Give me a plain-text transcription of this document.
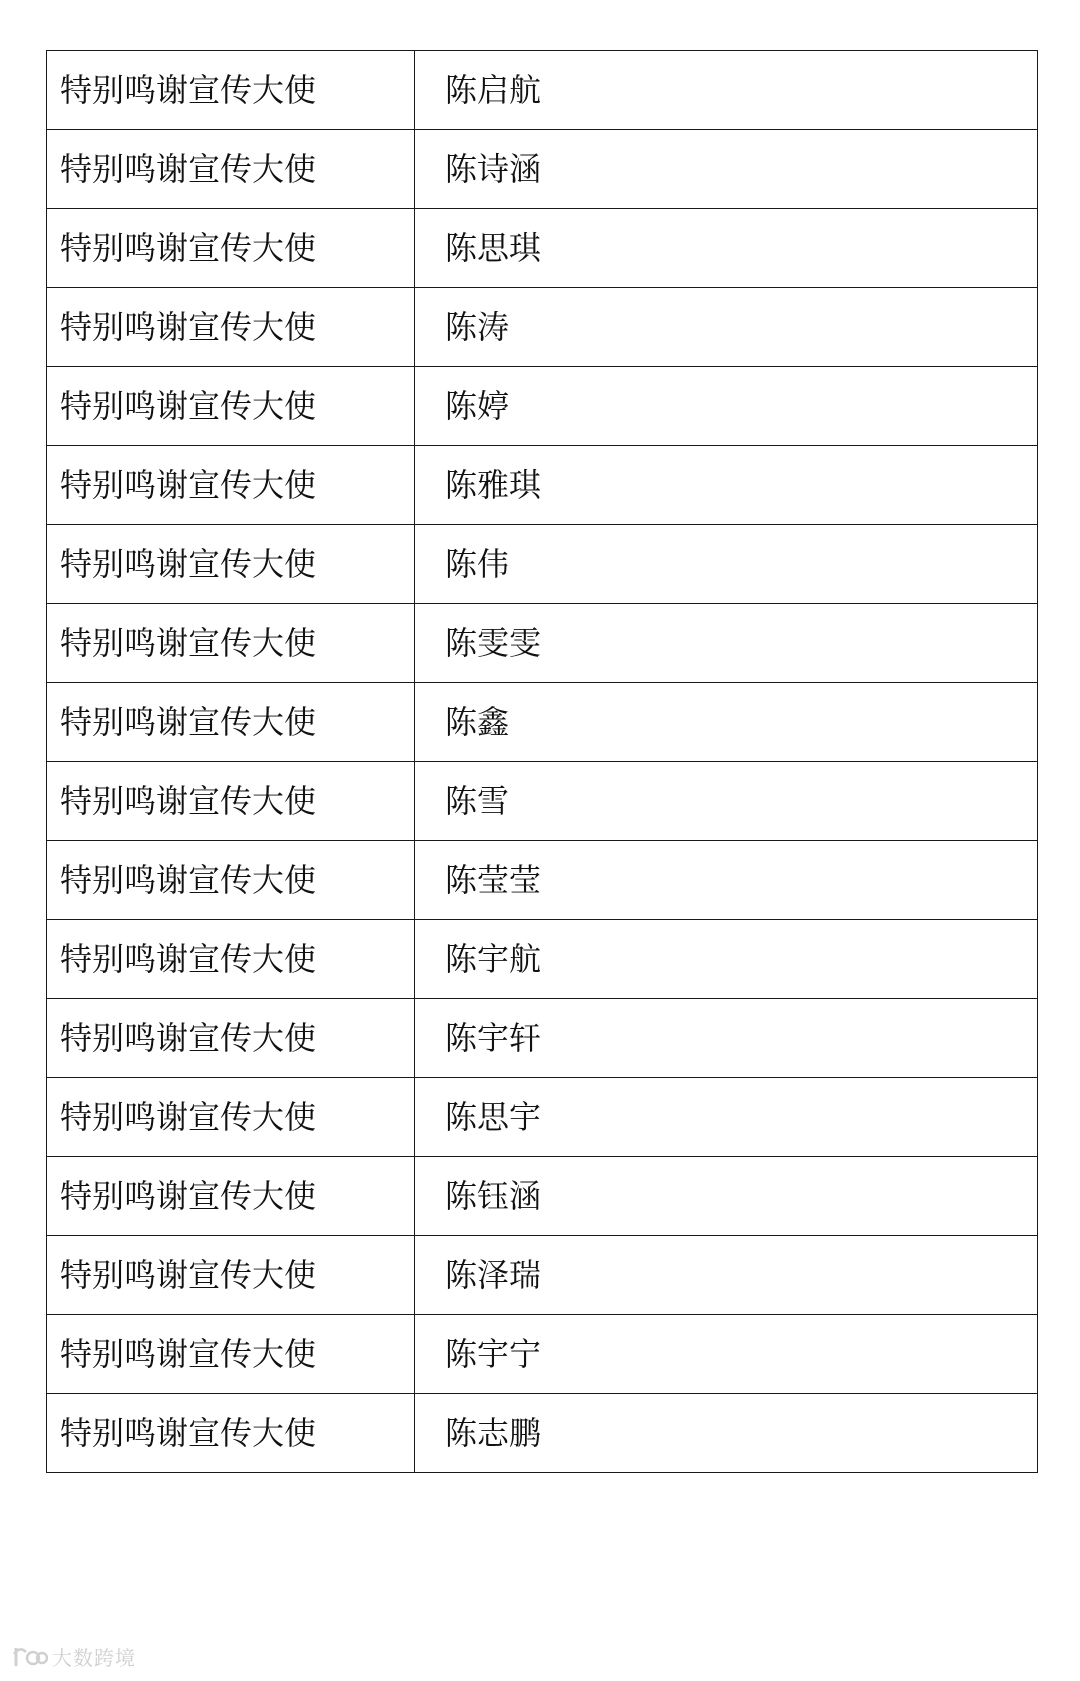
特别鸣谢宣传大使	陈启航
特别鸣谢宣传大使	陈诗涵
特别鸣谢宣传大使	陈思琪
特别鸣谢宣传大使	陈涛
特别鸣谢宣传大使	陈婷
特别鸣谢宣传大使	陈雅琪
特别鸣谢宣传大使	陈伟
特别鸣谢宣传大使	陈雯雯
特别鸣谢宣传大使	陈鑫
特别鸣谢宣传大使	陈雪
特别鸣谢宣传大使	陈莹莹
特别鸣谢宣传大使	陈宇航
特别鸣谢宣传大使	陈宇轩
特别鸣谢宣传大使	陈思宇
特别鸣谢宣传大使	陈钰涵
特别鸣谢宣传大使	陈泽瑞
特别鸣谢宣传大使	陈宇宁
特别鸣谢宣传大使	陈志鹏
大数跨境
